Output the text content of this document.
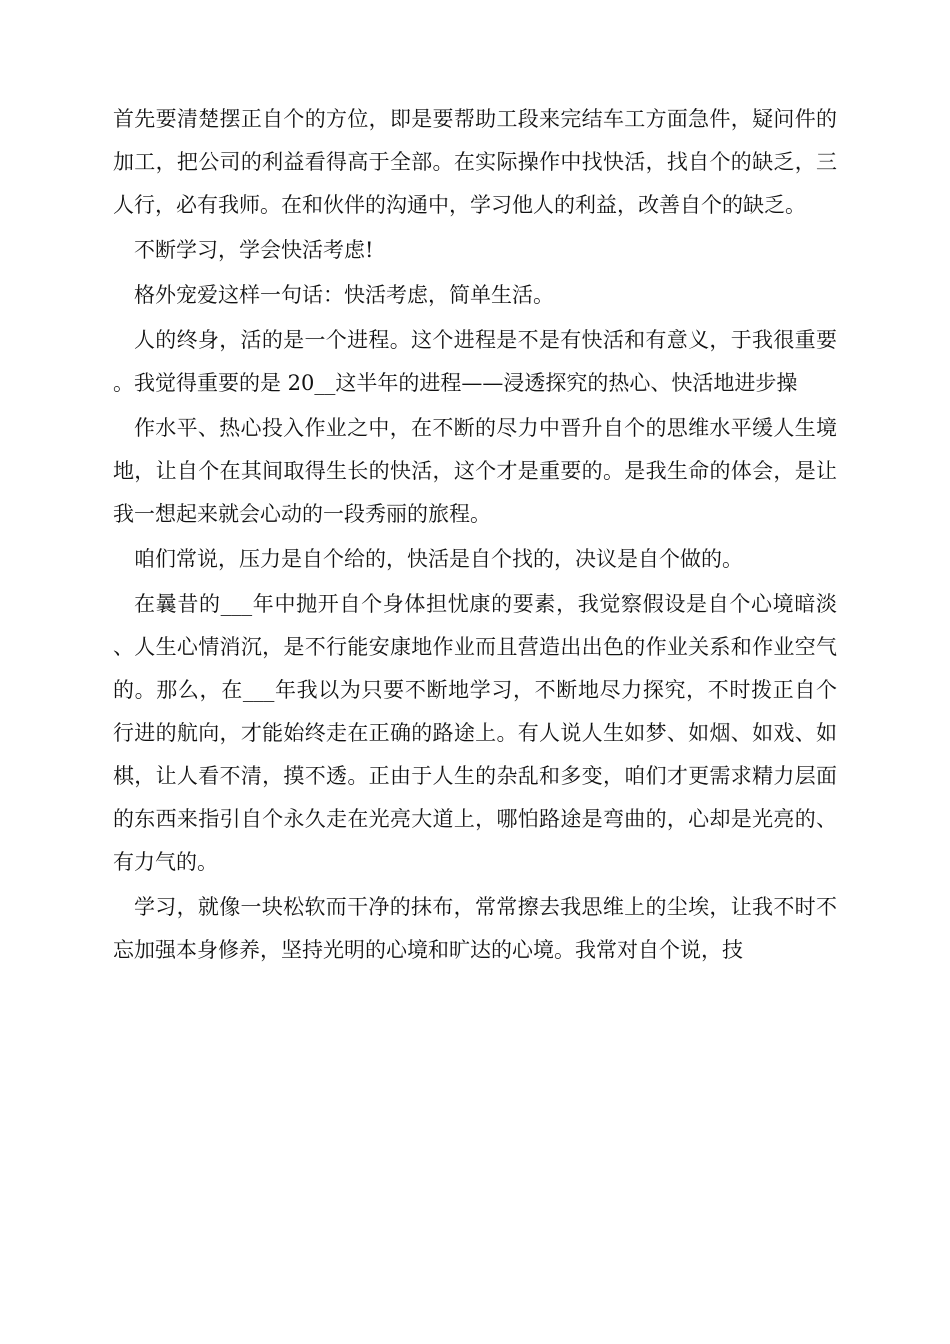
首先要清楚摆正自个的方位，即是要帮助工段来完结车工方面急件，疑问件的加工，把公司的利益看得高于全部。在实际操作中找快活，找自个的缺乏，三人行，必有我师。在和伙伴的沟通中，学习他人的利益，改善自个的缺乏。

不断学习，学会快活考虑!

格外宠爱这样一句话：快活考虑，简单生活。

人的终身，活的是一个进程。这个进程是不是有快活和有意义，于我很重要。我觉得重要的是 20__这半年的进程——浸透探究的热心、快活地进步操

作水平、热心投入作业之中，在不断的尽力中晋升自个的思维水平缓人生境地，让自个在其间取得生长的快活，这个才是重要的。是我生命的体会，是让我一想起来就会心动的一段秀丽的旅程。

咱们常说，压力是自个给的，快活是自个找的，决议是自个做的。

在曩昔的___年中抛开自个身体担忧康的要素，我觉察假设是自个心境暗淡、人生心情消沉，是不行能安康地作业而且营造出出色的作业关系和作业空气的。那么，在___年我以为只要不断地学习，不断地尽力探究，不时拨正自个行进的航向，才能始终走在正确的路途上。有人说人生如梦、如烟、如戏、如棋，让人看不清，摸不透。正由于人生的杂乱和多变，咱们才更需求精力层面的东西来指引自个永久走在光亮大道上，哪怕路途是弯曲的，心却是光亮的、有力气的。

学习，就像一块松软而干净的抹布，常常擦去我思维上的尘埃，让我不时不忘加强本身修养，坚持光明的心境和旷达的心境。我常对自个说，技
